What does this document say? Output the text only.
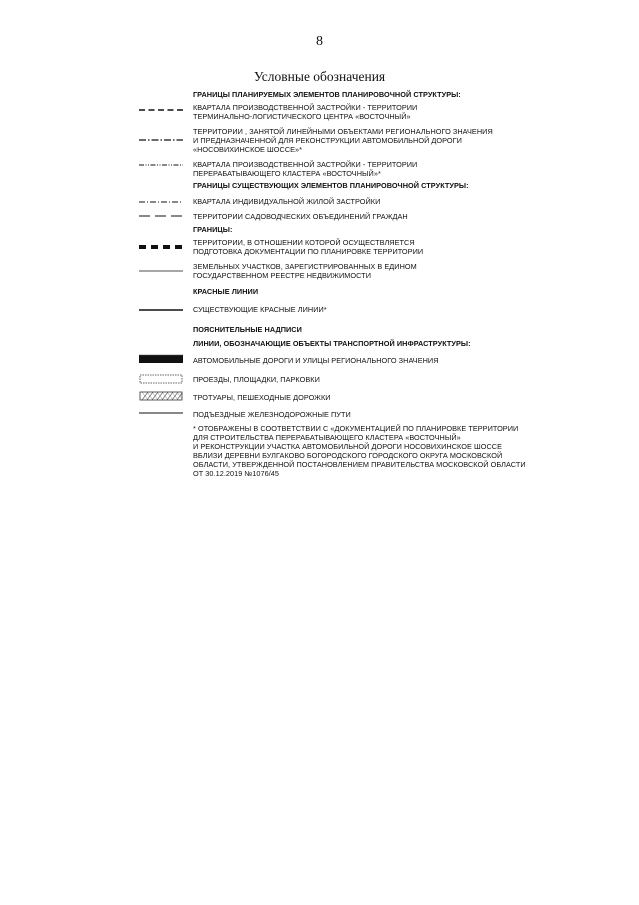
8
Условные обозначения
ГРАНИЦЫ ПЛАНИРУЕМЫХ ЭЛЕМЕНТОВ ПЛАНИРОВОЧНОЙ СТРУКТУРЫ:
КВАРТАЛА ПРОИЗВОДСТВЕННОЙ ЗАСТРОЙКИ - ТЕРРИТОРИИ
ТЕРМИНАЛЬНО-ЛОГИСТИЧЕСКОГО ЦЕНТРА «ВОСТОЧНЫЙ»
ТЕРРИТОРИИ , ЗАНЯТОЙ ЛИНЕЙНЫМИ ОБЪЕКТАМИ РЕГИОНАЛЬНОГО ЗНАЧЕНИЯ
И ПРЕДНАЗНАЧЕННОЙ ДЛЯ РЕКОНСТРУКЦИИ АВТОМОБИЛЬНОЙ ДОРОГИ
«НОСОВИХИНСКОЕ ШОССЕ»*
КВАРТАЛА ПРОИЗВОДСТВЕННОЙ ЗАСТРОЙКИ - ТЕРРИТОРИИ
ПЕРЕРАБАТЫВАЮЩЕГО КЛАСТЕРА «ВОСТОЧНЫЙ»*
ГРАНИЦЫ СУЩЕСТВУЮЩИХ ЭЛЕМЕНТОВ ПЛАНИРОВОЧНОЙ СТРУКТУРЫ:
КВАРТАЛА ИНДИВИДУАЛЬНОЙ ЖИЛОЙ ЗАСТРОЙКИ
ТЕРРИТОРИИ САДОВОДЧЕСКИХ ОБЪЕДИНЕНИЙ ГРАЖДАН
ГРАНИЦЫ:
ТЕРРИТОРИИ, В ОТНОШЕНИИ КОТОРОЙ ОСУЩЕСТВЛЯЕТСЯ
ПОДГОТОВКА ДОКУМЕНТАЦИИ ПО ПЛАНИРОВКЕ ТЕРРИТОРИИ
ЗЕМЕЛЬНЫХ УЧАСТКОВ, ЗАРЕГИСТРИРОВАННЫХ В ЕДИНОМ
ГОСУДАРСТВЕННОМ РЕЕСТРЕ НЕДВИЖИМОСТИ
КРАСНЫЕ ЛИНИИ
СУЩЕСТВУЮЩИЕ КРАСНЫЕ ЛИНИИ*
ПОЯСНИТЕЛЬНЫЕ НАДПИСИ
ЛИНИИ, ОБОЗНАЧАЮЩИЕ ОБЪЕКТЫ ТРАНСПОРТНОЙ ИНФРАСТРУКТУРЫ:
АВТОМОБИЛЬНЫЕ ДОРОГИ И УЛИЦЫ РЕГИОНАЛЬНОГО ЗНАЧЕНИЯ
ПРОЕЗДЫ, ПЛОЩАДКИ, ПАРКОВКИ
ТРОТУАРЫ, ПЕШЕХОДНЫЕ ДОРОЖКИ
ПОДЪЕЗДНЫЕ ЖЕЛЕЗНОДОРОЖНЫЕ ПУТИ
* ОТОБРАЖЕНЫ В СООТВЕТСТВИИ С «ДОКУМЕНТАЦИЕЙ ПО ПЛАНИРОВКЕ ТЕРРИТОРИИ
ДЛЯ СТРОИТЕЛЬСТВА ПЕРЕРАБАТЫВАЮЩЕГО КЛАСТЕРА «ВОСТОЧНЫЙ»
И РЕКОНСТРУКЦИИ УЧАСТКА АВТОМОБИЛЬНОЙ ДОРОГИ НОСОВИХИНСКОЕ ШОССЕ
ВБЛИЗИ ДЕРЕВНИ БУЛГАКОВО БОГОРОДСКОГО ГОРОДСКОГО ОКРУГА МОСКОВСКОЙ
ОБЛАСТИ, УТВЕРЖДЕННОЙ ПОСТАНОВЛЕНИЕМ ПРАВИТЕЛЬСТВА МОСКОВСКОЙ ОБЛАСТИ
ОТ 30.12.2019 №1076/45
